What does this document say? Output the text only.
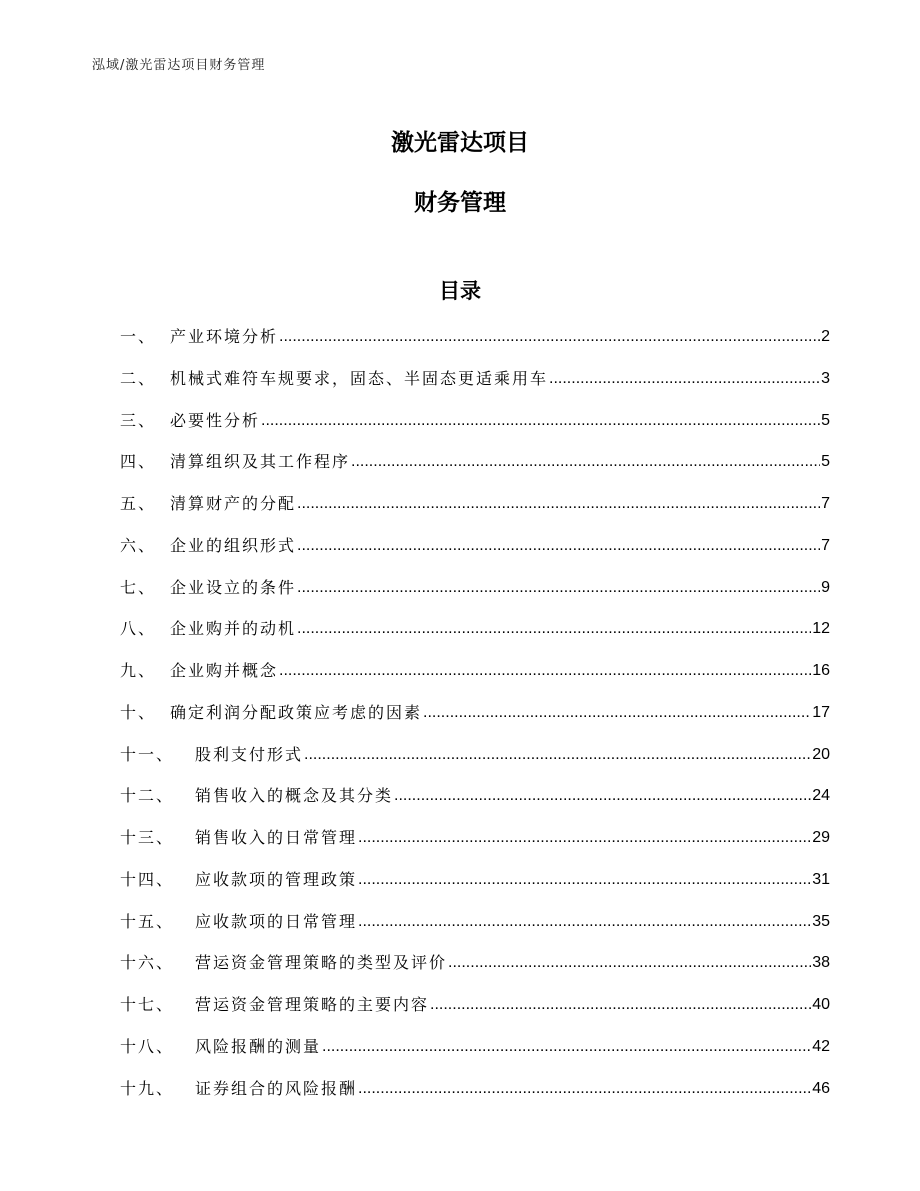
泓域/激光雷达项目财务管理
激光雷达项目
财务管理
目录
一、 产业环境分析 .....	2
二、 机械式难符车规要求，固态、半固态更适乘用车 .....	3
三、 必要性分析 .....	5
四、 清算组织及其工作程序 .....	5
五、 清算财产的分配 .....	7
六、 企业的组织形式 .....	7
七、 企业设立的条件 .....	9
八、 企业购并的动机 .....	12
九、 企业购并概念 .....	16
十、 确定利润分配政策应考虑的因素 .....	17
十一、	股利支付形式 .....	20
十二、	销售收入的概念及其分类 .....	24
十三、	销售收入的日常管理 .....	29
十四、	应收款项的管理政策 .....	31
十五、	应收款项的日常管理 .....	35
十六、	营运资金管理策略的类型及评价 .....	38
十七、	营运资金管理策略的主要内容 .....	40
十八、	风险报酬的测量 .....	42
十九、	证券组合的风险报酬 .....	46
